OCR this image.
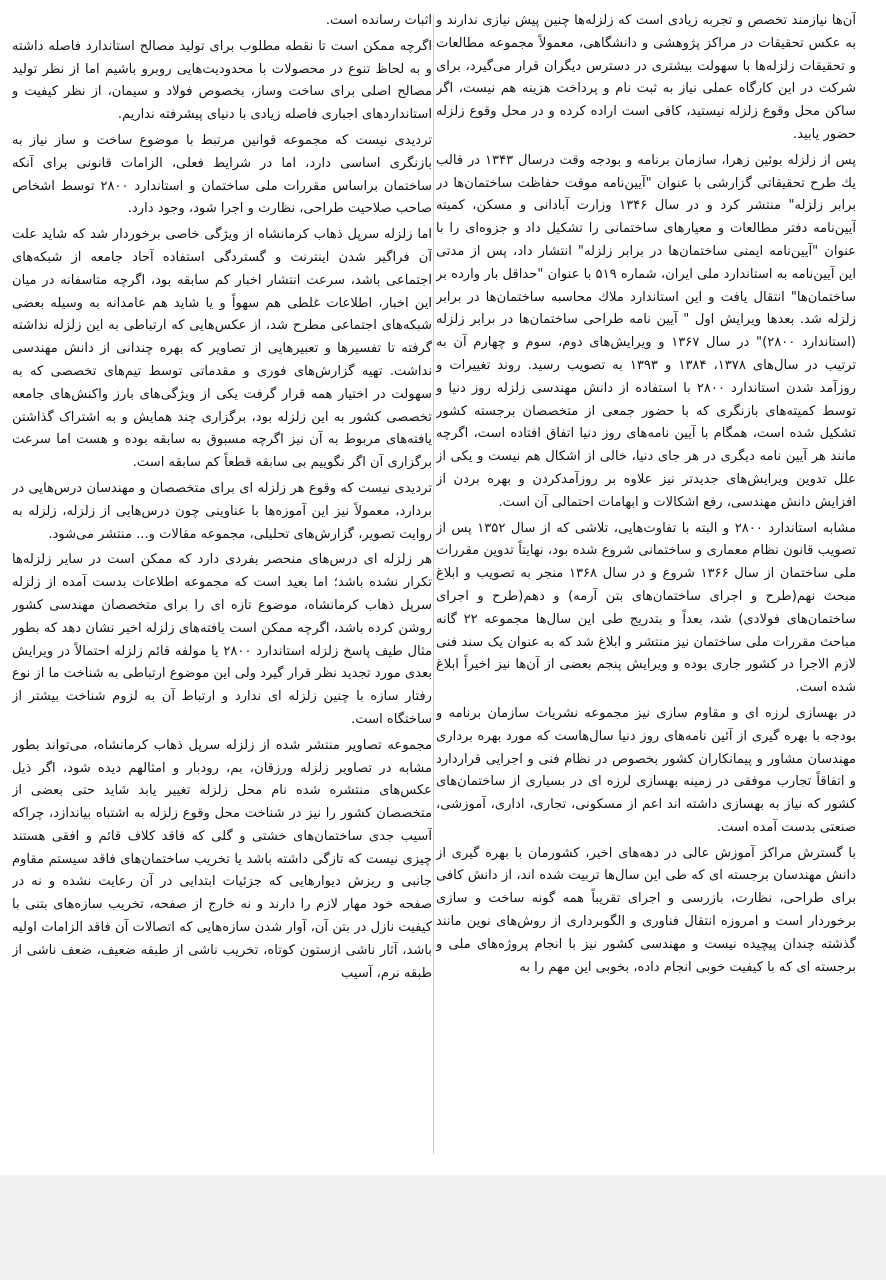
آن‌ها نیازمند تخصص و تجربه زیادی است که زلزله‌ها چنین پیش نیازی ندارند و به عکس تحقیقات در مراکز پژوهشی و دانشگاهی، معمولاً مجموعه مطالعات و تحقیقات زلزله‌ها با سهولت بیشتری در دسترس دیگران قرار می‌گیرد، برای شرکت در این کارگاه عملی نیاز به ثبت نام و پرداخت هزینه هم نیست، اگر ساکن محل وقوع زلزله نیستید، کافی است اراده کرده و در محل وقوع زلزله حضور یابید.

پس از زلزله بوئین زهرا، سازمان برنامه و بودجه وقت درسال ۱۳۴۳ در قالب یك طرح تحقیقاتی گزارشی با عنوان "آیین‌نامه موقت حفاظت ساختمان‌ها در برابر زلزله" منتشر کرد و در سال ۱۳۴۶ وزارت آبادانی و مسکن، کمیته آیین‌نامه دفتر مطالعات و معیارهای ساختمانی را تشکیل داد و جزوه‌ای را با عنوان "آیین‌نامه ایمنی ساختمان‌ها در برابر زلزله" انتشار داد، پس از مدتی این آیین‌نامه به استاندارد ملی ایران، شماره ۵۱۹ با عنوان "حداقل بار وارده بر ساختمان‌ها" انتقال یافت و این استاندارد ملاك محاسبه ساختمان‌ها در برابر زلزله شد. بعدها ویرایش اول " آیین نامه طراحی ساختمان‌ها در برابر زلزله (استاندارد ۲۸۰۰)" در سال ۱۳۶۷ و ویرایش‌های دوم، سوم و چهارم آن به ترتیب در سال‌های ۱۳۷۸، ۱۳۸۴ و ۱۳۹۳ به تصویب رسید. روند تغییرات و روزآمد شدن استاندارد ۲۸۰۰ با استفاده از دانش مهندسی زلزله روز دنیا و توسط کمیته‌های بازنگری که با حضور جمعی از متخصصان برجسته کشور تشکیل شده است، همگام با آیین نامه‌های روز دنیا اتفاق افتاده است، اگرچه مانند هر آیین نامه دیگری در هر جای دنیا، خالی از اشکال هم نیست و یکی از علل تدوین ویرایش‌های جدیدتر نیز علاوه بر روزآمدکردن و بهره بردن از افزایش دانش مهندسی، رفع اشکالات و ابهامات احتمالی آن است.

مشابه استاندارد ۲۸۰۰ و البته با تفاوت‌هایی، تلاشی که از سال ۱۳۵۲ پس از تصویب قانون نظام معماری و ساختمانی شروع شده بود، نهایتاً تدوین مقررات ملی ساختمان از سال ۱۳۶۶ شروع و در سال ۱۳۶۸ منجر به تصویب و ابلاغ مبحث نهم(طرح و اجرای ساختمان‌های بتن آرمه) و دهم(طرح و اجرای ساختمان‌های فولادی) شد، بعداً و بتدریج طی این سال‌ها مجموعه ۲۲ گانه مباحث مقررات ملی ساختمان نیز منتشر و ابلاغ شد که به عنوان یک سند فنی لازم الاجرا در کشور جاری بوده و ویرایش پنجم بعضی از آن‌ها نیز اخیراً ابلاغ شده است.

در بهسازی لرزه ای و مقاوم سازی نیز مجموعه نشریات سازمان برنامه و بودجه با بهره گیری از آئین نامه‌های روز دنیا سال‌هاست که مورد بهره برداری مهندسان مشاور و پیمانکاران کشور بخصوص در نظام فنی و اجرایی قراردارد و اتفاقاً تجارب موفقی در زمینه بهسازی لرزه ای در بسیاری از ساختمان‌های کشور که نیاز به بهسازی داشته اند اعم از مسکونی، تجاری، اداری، آموزشی، صنعتی بدست آمده است.

با گسترش مراکز آموزش عالی در دهه‌های اخیر، کشورمان با بهره گیری از دانش مهندسان برجسته ای که طی این سال‌ها تربیت شده اند، از دانش کافی برای طراحی، نظارت، بازرسی و اجرای تقریباً همه گونه ساخت و سازی برخوردار است و امروزه انتقال فناوری و الگوبرداری از روش‌های نوین مانند گذشته چندان پیچیده نیست و مهندسی کشور نیز با انجام پروژه‌های ملی و برجسته ای که با کیفیت خوبی انجام داده، بخوبی این مهم را به

اثبات رسانده است.

اگرچه ممکن است تا نقطه مطلوب برای تولید مصالح استاندارد فاصله داشته و به لحاظ تنوع در محصولات با محدودیت‌هایی روبرو باشیم اما از نظر تولید مصالح اصلی برای ساخت وساز، بخصوص فولاد و سیمان، از نظر کیفیت و استانداردهای اجباری فاصله زیادی با دنیای پیشرفته نداریم.

تردیدی نیست که مجموعه قوانین مرتبط با موضوع ساخت و ساز نیاز به بازنگری اساسی دارد، اما در شرایط فعلی، الزامات قانونی برای آنکه ساختمان براساس مقررات ملی ساختمان و استاندارد ۲۸۰۰ توسط اشخاص صاحب صلاحیت طراحی، نظارت و اجرا شود، وجود دارد.

اما زلزله سرپل ذهاب کرمانشاه از ویژگی خاصی برخوردار شد که شاید علت آن فراگیر شدن اینترنت و گستردگی استفاده آحاد جامعه از شبکه‌های اجتماعی باشد، سرعت انتشار اخبار کم سابقه بود، اگرچه متاسفانه در میان این اخبار، اطلاعات غلطی هم سهواً و یا شاید هم عامدانه به وسیله بعضی شبکه‌های اجتماعی مطرح شد، از عکس‌هایی که ارتباطی به این زلزله نداشته گرفته تا تفسیرها و تعبیرهایی از تصاویر که بهره چندانی از دانش مهندسی نداشت. تهیه گزارش‌های فوری و مقدماتی توسط تیم‌های تخصصی که به سهولت در اختیار همه قرار گرفت یکی از ویژگی‌های بارز واکنش‌های جامعه تخصصی کشور به این زلزله بود، برگزاری چند همایش و به اشتراک گذاشتن یافته‌های مربوط به آن نیز اگرچه مسبوق به سابقه بوده و هست اما سرعت برگزاری آن اگر نگوییم بی سابقه قطعاً کم سابقه است.

تردیدی نیست که وقوع هر زلزله ای برای متخصصان و مهندسان درس‌هایی در بردارد، معمولاً نیز این آموزه‌ها با عناوینی چون درس‌هایی از زلزله، زلزله به روایت تصویر، گزارش‌های تحلیلی، مجموعه مقالات و... منتشر می‌شود.

هر زلزله ای درس‌های منحصر بفردی دارد که ممکن است در سایر زلزله‌ها تکرار نشده باشد؛ اما بعید است که مجموعه اطلاعات بدست آمده از زلزله سرپل ذهاب کرمانشاه، موضوع تازه ای را برای متخصصان مهندسی کشور روشن کرده باشد، اگرچه ممکن است یافته‌های زلزله اخیر نشان دهد که بطور مثال طیف پاسخ زلزله استاندارد ۲۸۰۰ یا مولفه قائم زلزله احتمالاً در ویرایش بعدی مورد تجدید نظر قرار گیرد ولی این موضوع ارتباطی به شناخت ما از نوع رفتار سازه با چنین زلزله ای ندارد و ارتباط آن به لزوم شناخت بیشتر از ساختگاه است.

مجموعه تصاویر منتشر شده از زلزله سرپل ذهاب کرمانشاه، می‌تواند بطور مشابه در تصاویر زلزله ورزقان، بم، رودبار و امثالهم دیده شود، اگر ذیل عکس‌های منتشره شده نام محل زلزله تغییر یابد شاید حتی بعضی از متخصصان کشور را نیز در شناخت محل وقوع زلزله به اشتباه بیاندازد، چراکه آسیب جدی ساختمان‌های خشتی و گلی که فاقد کلاف قائم و افقی هستند چیزی نیست که تازگی داشته باشد یا تخریب ساختمان‌های فاقد سیستم مقاوم جانبی و ریزش دیوارهایی که جزئیات ابتدایی در آن رعایت نشده و نه در صفحه خود مهار لازم را دارند و نه خارج از صفحه، تخریب سازه‌های بتنی با کیفیت نازل در بتن آن، آوار شدن سازه‌هایی که اتصالات آن فاقد الزامات اولیه باشد، آثار ناشی ازستون کوتاه، تخریب ناشی از طبقه ضعیف، ضعف ناشی از طبقه نرم، آسیب
